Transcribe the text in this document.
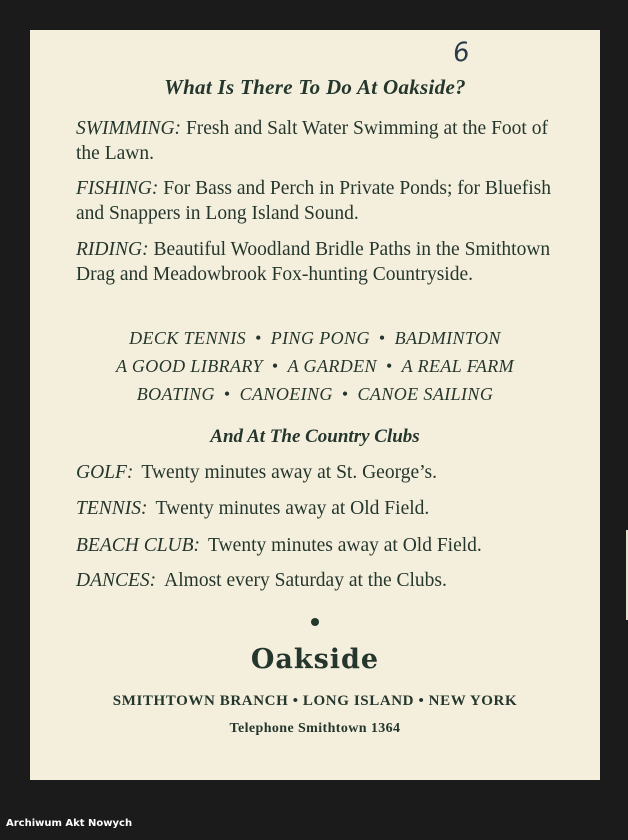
6
What Is There To Do At Oakside?
SWIMMING: Fresh and Salt Water Swimming at the Foot of the Lawn.
FISHING: For Bass and Perch in Private Ponds; for Bluefish and Snappers in Long Island Sound.
RIDING: Beautiful Woodland Bridle Paths in the Smithtown Drag and Meadowbrook Fox-hunting Countryside.
DECK TENNIS • PING PONG • BADMINTON
A GOOD LIBRARY • A GARDEN • A REAL FARM
BOATING • CANOEING • CANOE SAILING
And At The Country Clubs
GOLF: Twenty minutes away at St. George’s.
TENNIS: Twenty minutes away at Old Field.
BEACH CLUB: Twenty minutes away at Old Field.
DANCES: Almost every Saturday at the Clubs.
Oakside
SMITHTOWN BRANCH • LONG ISLAND • NEW YORK
Telephone Smithtown 1364
Archiwum Akt Nowych
